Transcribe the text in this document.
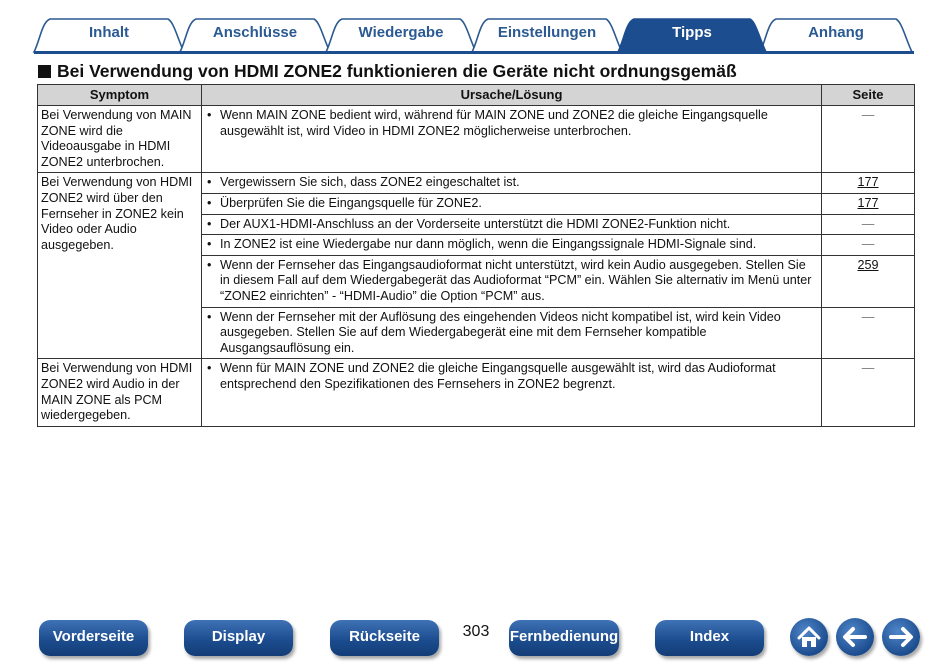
Inhalt	Anschlüsse	Wiedergabe	Einstellungen	Tipps	Anhang
Bei Verwendung von HDMI ZONE2 funktionieren die Geräte nicht ordnungsgemäß
Symptom	Ursache/Lösung	Seite
Bei Verwendung von MAIN ZONE wird die Videoausgabe in HDMI ZONE2 unterbrochen.	• Wenn MAIN ZONE bedient wird, während für MAIN ZONE und ZONE2 die gleiche Eingangsquelle ausgewählt ist, wird Video in HDMI ZONE2 möglicherweise unterbrochen.	—
Bei Verwendung von HDMI ZONE2 wird über den Fernseher in ZONE2 kein Video oder Audio ausgegeben.	• Vergewissern Sie sich, dass ZONE2 eingeschaltet ist.	177

	• Überprüfen Sie die Eingangsquelle für ZONE2.	177

	• Der AUX1-HDMI-Anschluss an der Vorderseite unterstützt die HDMI ZONE2-Funktion nicht.	—

	• In ZONE2 ist eine Wiedergabe nur dann möglich, wenn die Eingangssignale HDMI-Signale sind.	—

	• Wenn der Fernseher das Eingangsaudioformat nicht unterstützt, wird kein Audio ausgegeben. Stellen Sie in diesem Fall auf dem Wiedergabegerät das Audioformat “PCM” ein. Wählen Sie alternativ im Menü unter “ZONE2 einrichten” - “HDMI-Audio” die Option “PCM” aus.	259

	• Wenn der Fernseher mit der Auflösung des eingehenden Videos nicht kompatibel ist, wird kein Video ausgegeben. Stellen Sie auf dem Wiedergabegerät eine mit dem Fernseher kompatible Ausgangsauflösung ein.	—
Bei Verwendung von HDMI ZONE2 wird Audio in der MAIN ZONE als PCM wiedergegeben.	• Wenn für MAIN ZONE und ZONE2 die gleiche Eingangsquelle ausgewählt ist, wird das Audioformat entsprechend den Spezifikationen des Fernsehers in ZONE2 begrenzt.	—
Vorderseite	Display	Rückseite	303	Fernbedienung	Index
